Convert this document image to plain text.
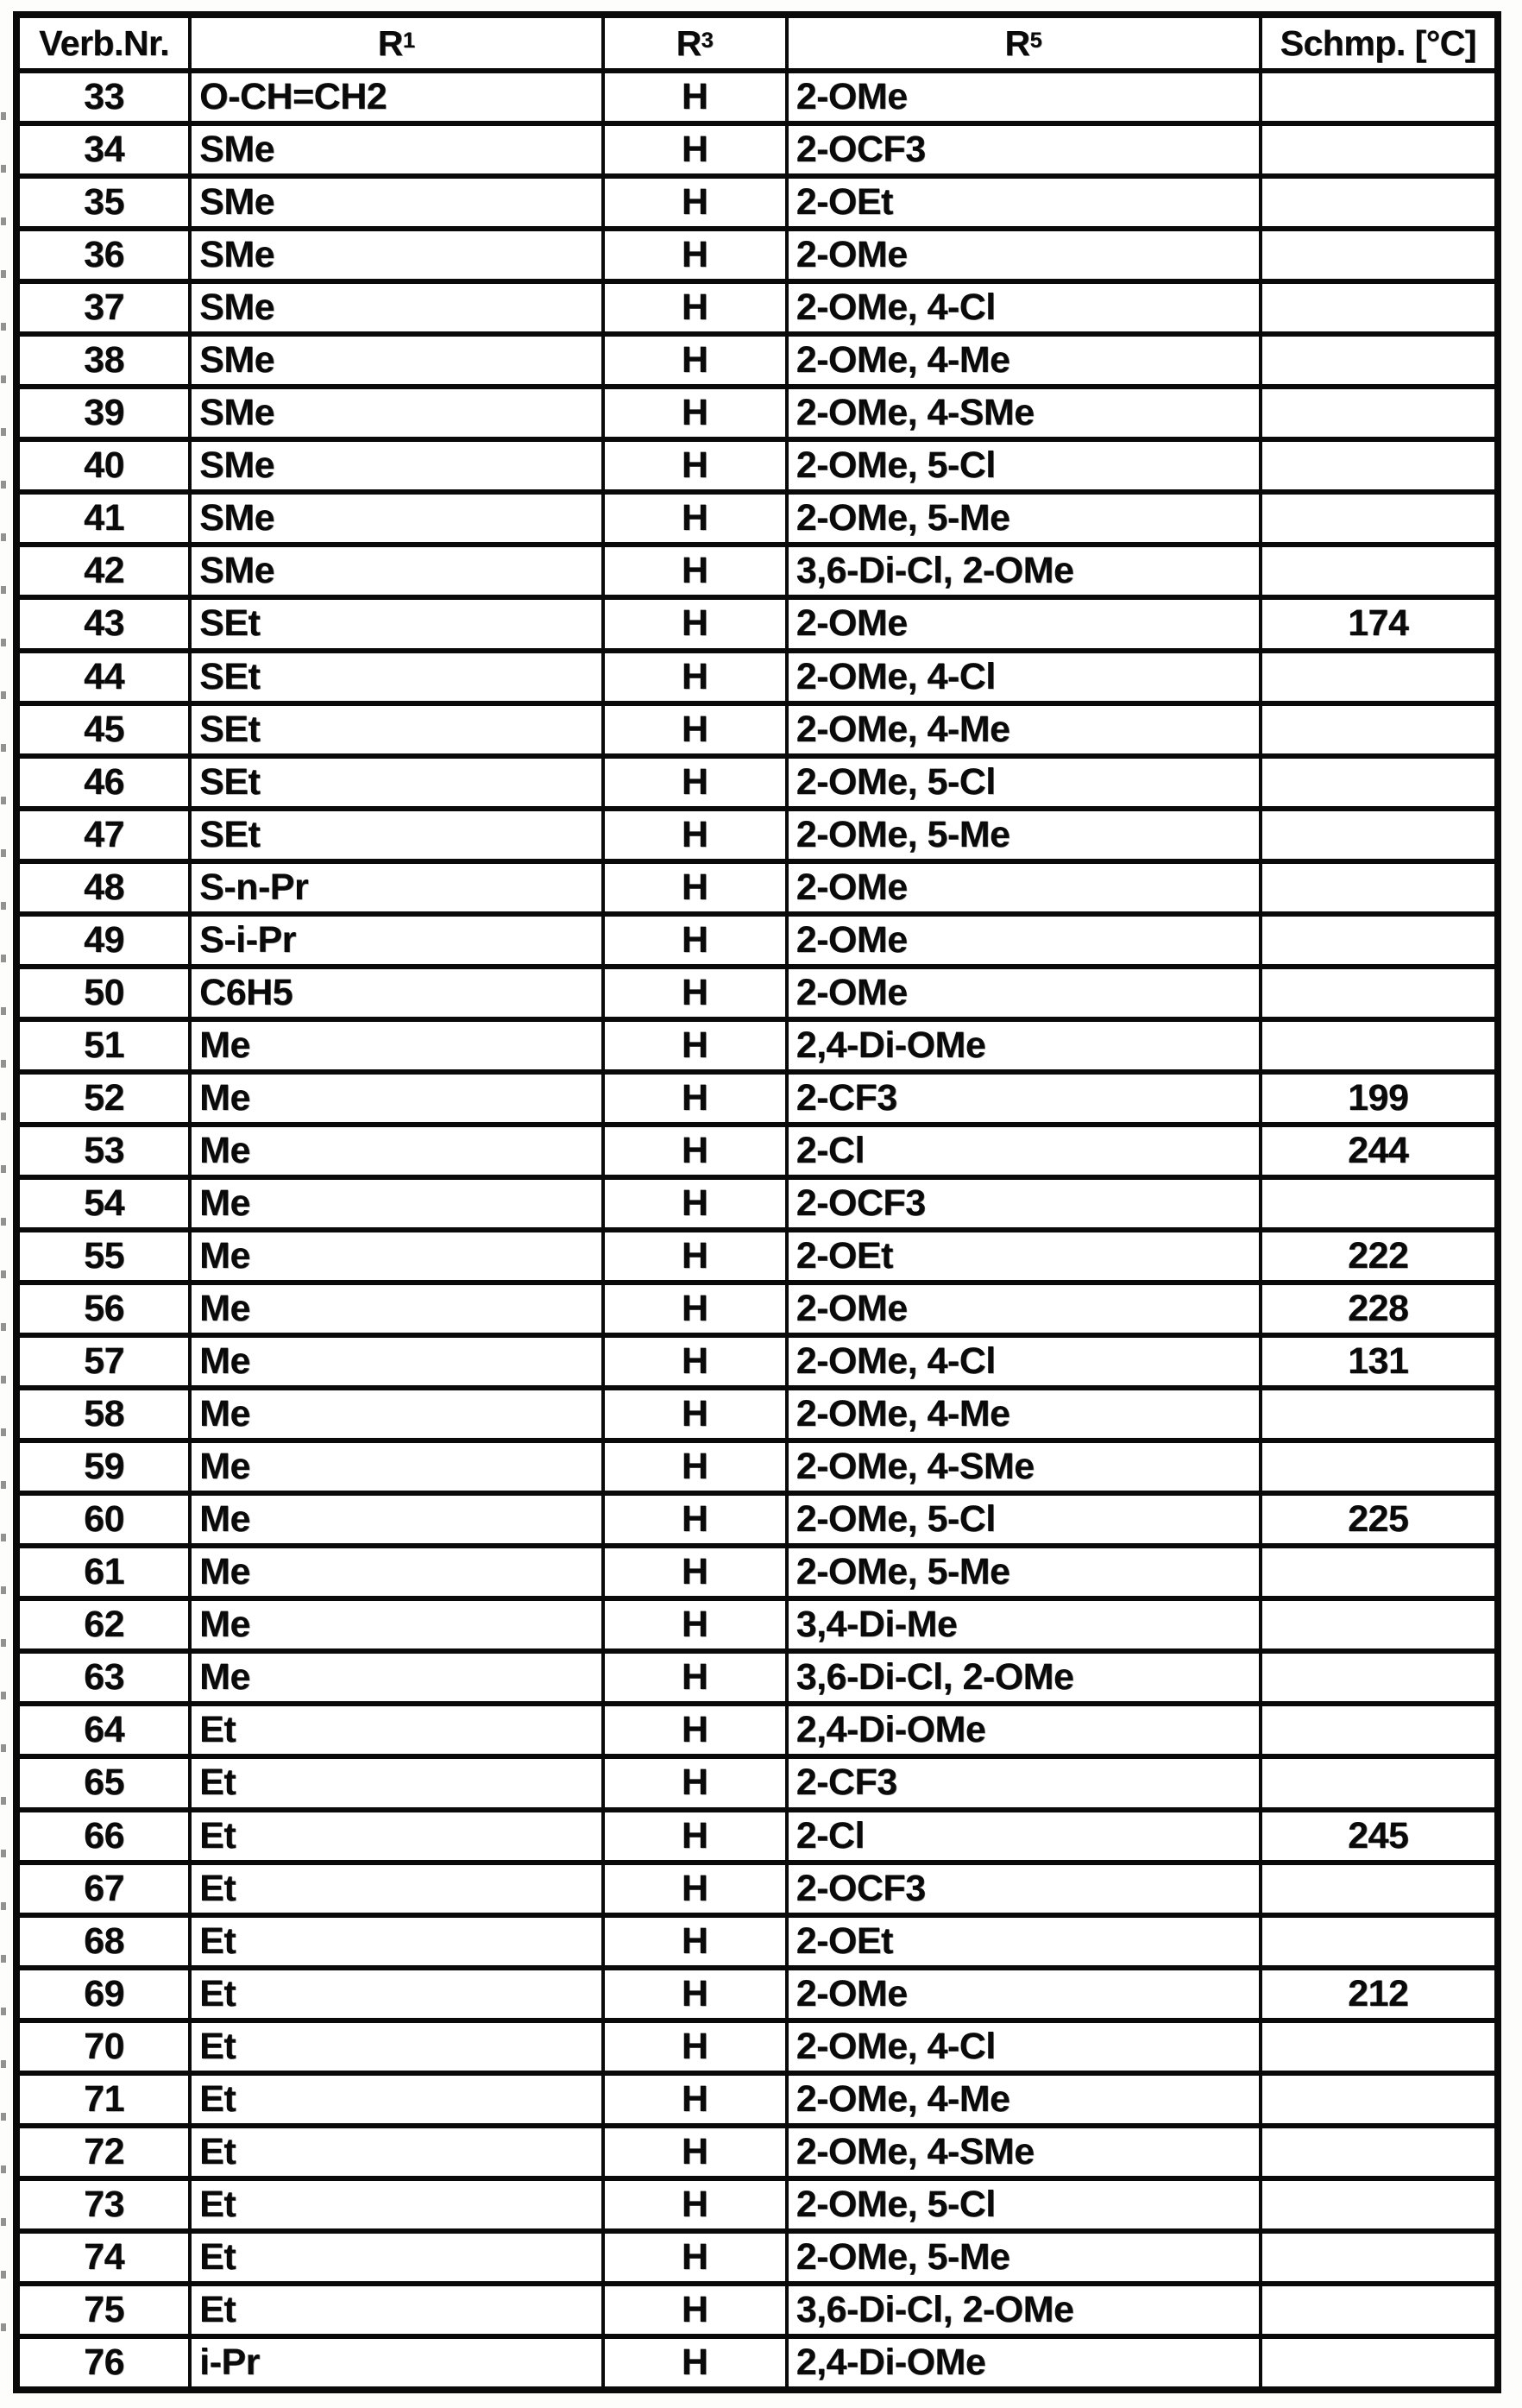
Verb.Nr.	R 1	R 3	R 5	Schmp. [°C]
33 O-CH=CH2	H 2-OMe
34 SMe	H 2-OCF3
35 SMe	H 2-OEt
36 SMe	H 2-OMe
37 SMe	H 2-OMe, 4-Cl
38 SMe	H 2-OMe, 4-Me
39 SMe	H 2-OMe, 4-SMe
40 SMe	H 2-OMe, 5-Cl
41 SMe	H 2-OMe, 5-Me
42 SMe	H 3,6-Di-Cl, 2-OMe
43 SEt	H 2-OMe	174
44 SEt	H 2-OMe, 4-Cl
45 SEt	H 2-OMe, 4-Me
46 SEt	H 2-OMe, 5-Cl
47 SEt	H 2-OMe, 5-Me
48 S-n-Pr	H 2-OMe
49 S-i-Pr	H 2-OMe
50 C6H5	H 2-OMe
51 Me	H 2,4-Di-OMe
52 Me	H 2-CF3	199
53 Me	H 2-Cl	244
54 Me	H 2-OCF3
55 Me	H 2-OEt	222
56 Me	H 2-OMe	228
57 Me	H 2-OMe, 4-Cl	131
58 Me	H 2-OMe, 4-Me
59 Me	H 2-OMe, 4-SMe
60 Me	H 2-OMe, 5-Cl	225
61 Me	H 2-OMe, 5-Me
62 Me	H 3,4-Di-Me
63 Me	H 3,6-Di-Cl, 2-OMe
64 Et	H 2,4-Di-OMe
65 Et	H 2-CF3
66 Et	H 2-Cl	245
67 Et	H 2-OCF3
68 Et	H 2-OEt
69 Et	H 2-OMe	212
70 Et	H 2-OMe, 4-Cl
71 Et	H 2-OMe, 4-Me
72 Et	H 2-OMe, 4-SMe
73 Et	H 2-OMe, 5-Cl
74 Et	H 2-OMe, 5-Me
75 Et	H 3,6-Di-Cl, 2-OMe
76 i-Pr	H 2,4-Di-OMe
